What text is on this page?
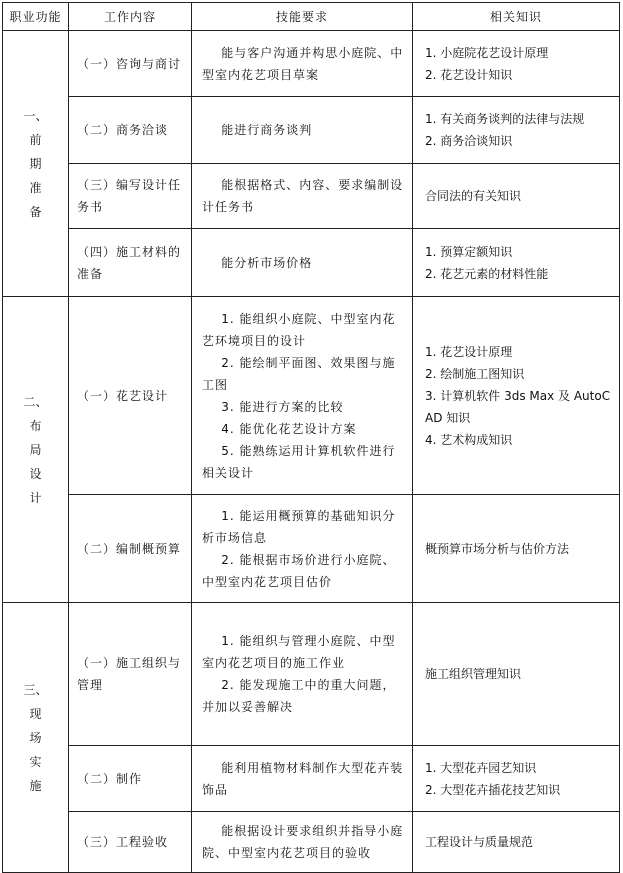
职业功能	工作内容	技能要求	相关知识

一、
前
期
准
备	（一）咨询与商讨	能与客户沟通并构思小庭院、中型室内花艺项目草案	1. 小庭院花艺设计原理
2. 花艺设计知识

	（二）商务洽谈	能进行商务谈判	1. 有关商务谈判的法律与法规
2. 商务洽谈知识

	（三）编写设计任务书	能根据格式、内容、要求编制设计任务书	合同法的有关知识

	（四）施工材料的准备	能分析市场价格	1. 预算定额知识
2. 花艺元素的材料性能

二、
布
局
设
计	（一）花艺设计	1. 能组织小庭院、中型室内花艺环境项目的设计
2. 能绘制平面图、效果图与施工图
3. 能进行方案的比较
4. 能优化花艺设计方案
5. 能熟练运用计算机软件进行相关设计	1. 花艺设计原理
2. 绘制施工图知识
3. 计算机软件 3ds Max 及 AutoCAD 知识
4. 艺术构成知识

	（二）编制概预算	1. 能运用概预算的基础知识分析市场信息
2. 能根据市场价进行小庭院、中型室内花艺项目估价	概预算市场分析与估价方法

三、
现
场
实
施	（一）施工组织与管理	1. 能组织与管理小庭院、中型室内花艺项目的施工作业
2. 能发现施工中的重大问题，并加以妥善解决	施工组织管理知识

	（二）制作	能利用植物材料制作大型花卉装饰品	1. 大型花卉园艺知识
2. 大型花卉插花技艺知识

	（三）工程验收	能根据设计要求组织并指导小庭院、中型室内花艺项目的验收	工程设计与质量规范
